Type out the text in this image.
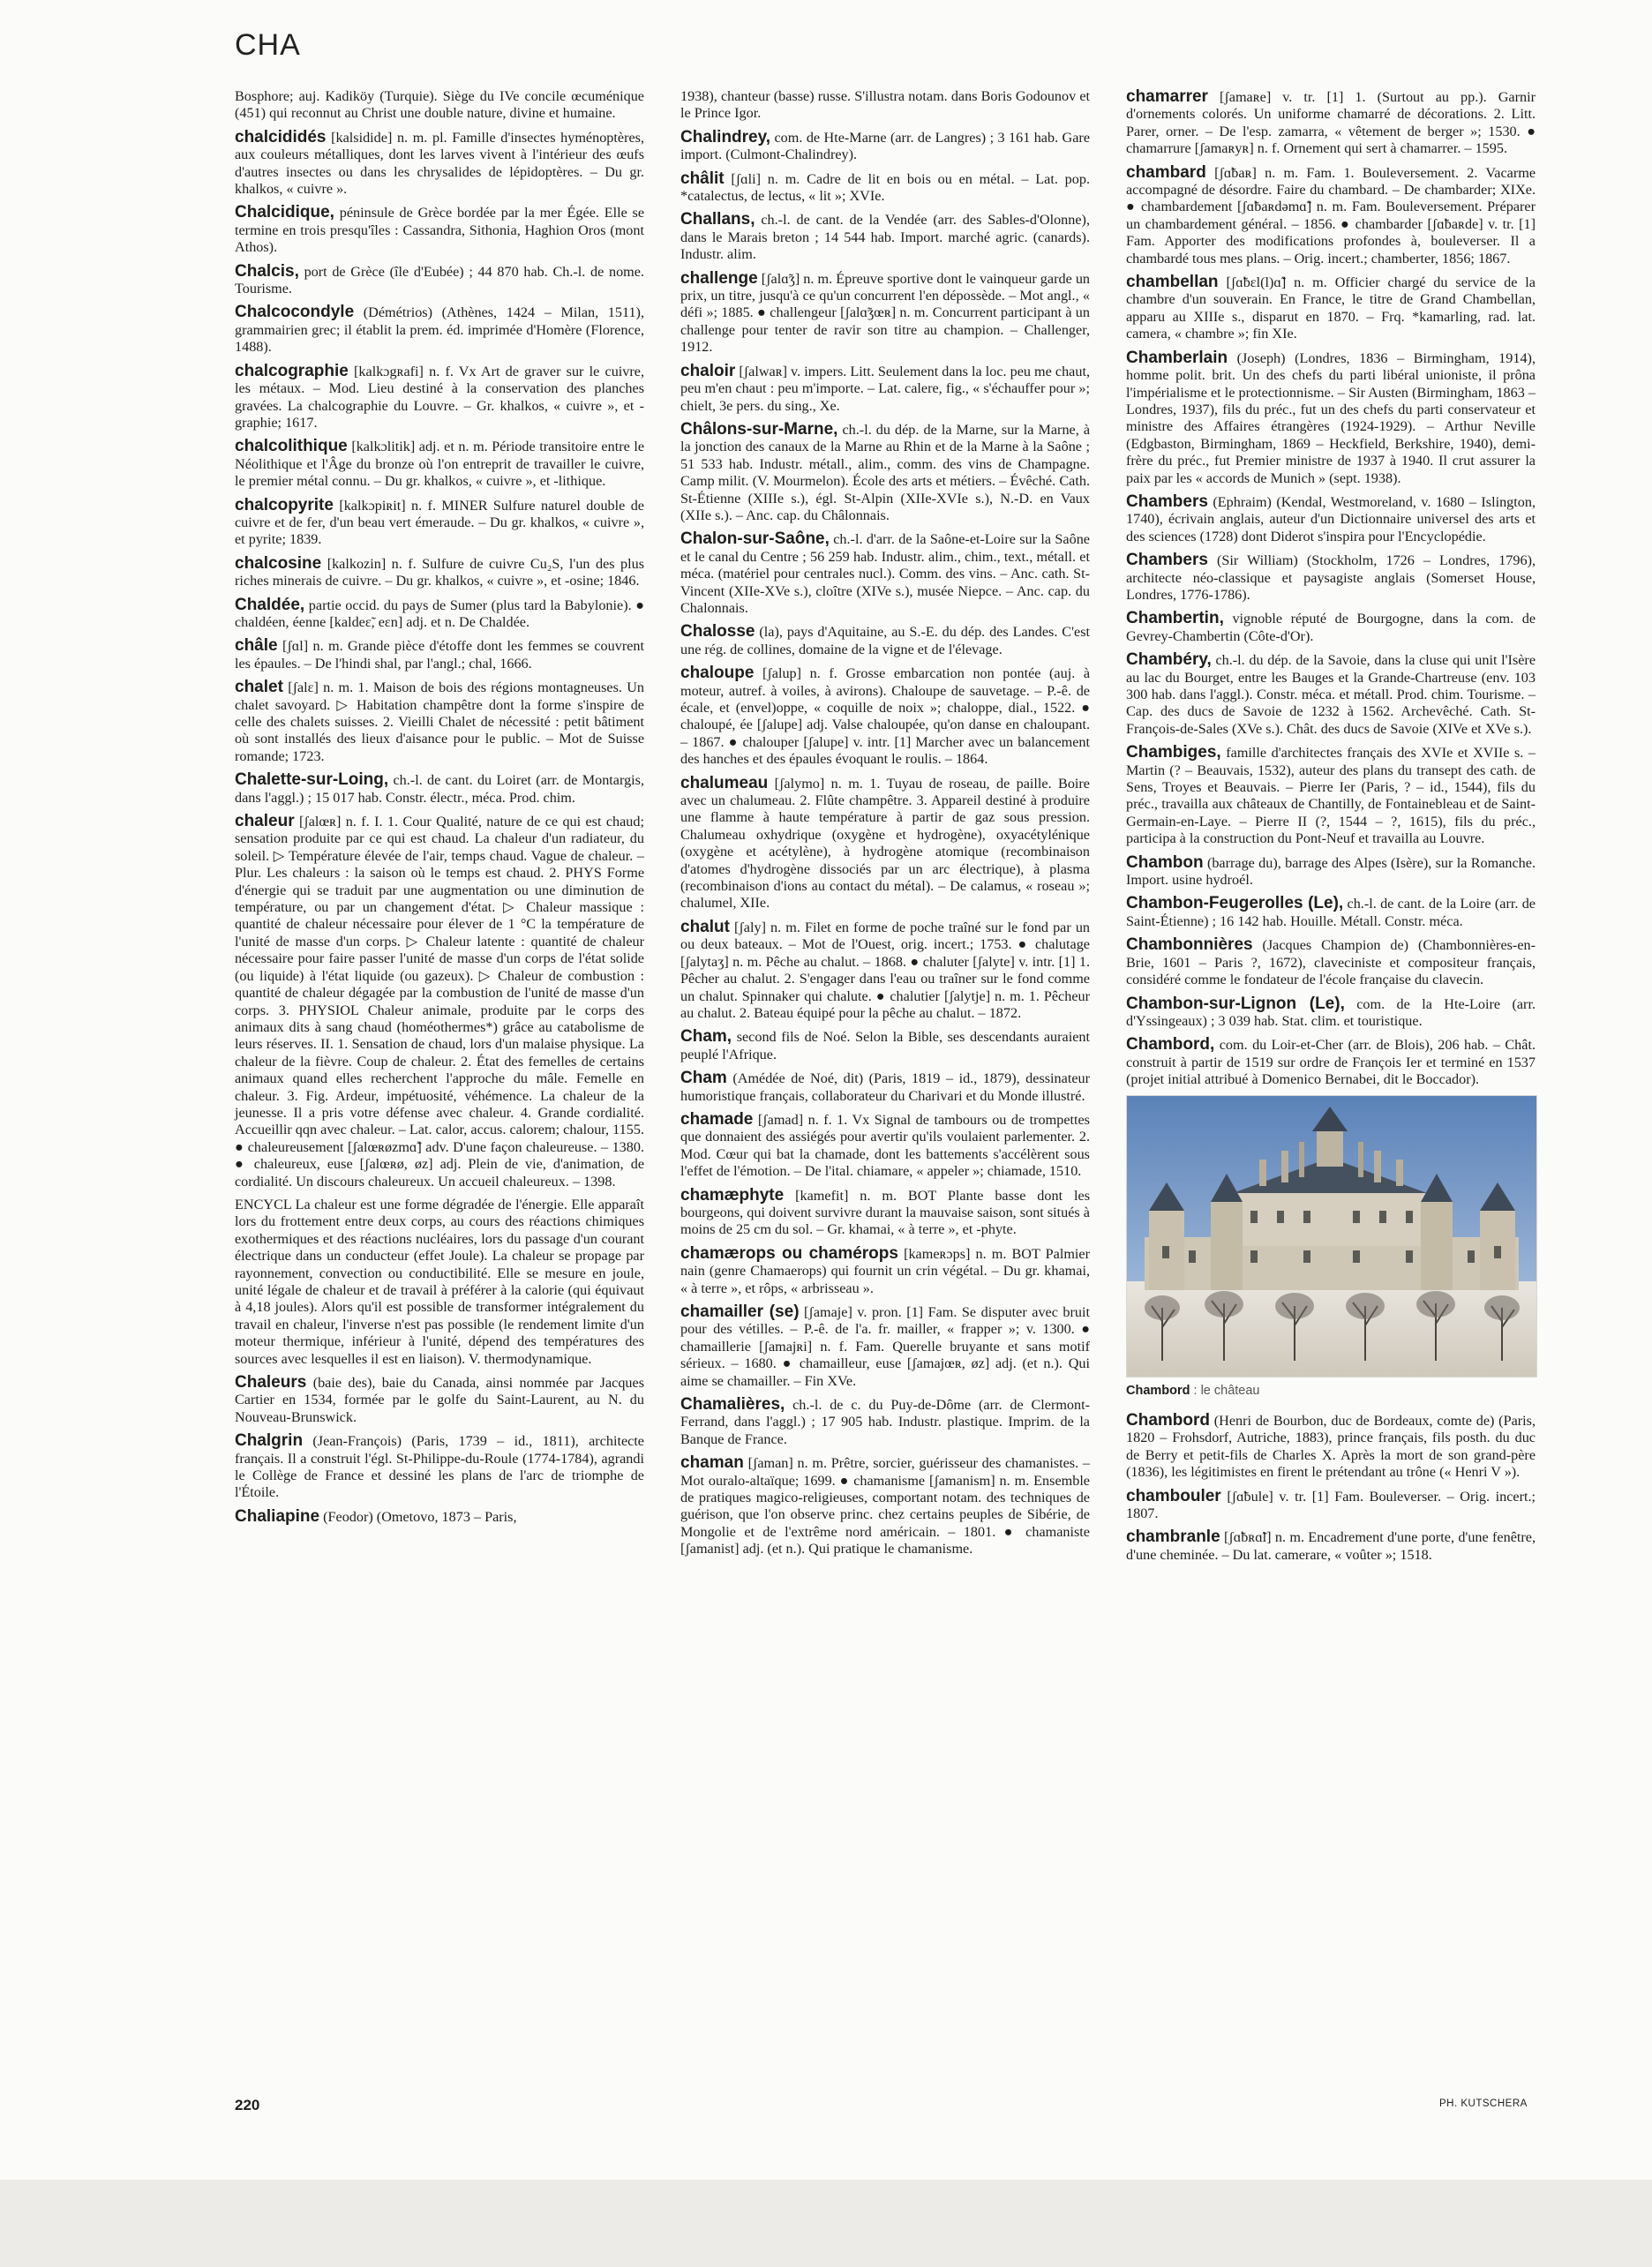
CHA

Bosphore; auj. Kadiköy (Turquie). Siège du IVe concile œcuménique (451) qui reconnut au Christ une double nature, divine et humaine.

chalcididés [kalsidide] n. m. pl. Famille d'insectes hyménoptères, aux couleurs métalliques, dont les larves vivent à l'intérieur des œufs d'autres insectes ou dans les chrysalides de lépidoptères. – Du gr. khalkos, « cuivre ».

Chalcidique, péninsule de Grèce bordée par la mer Égée. Elle se termine en trois presqu'îles : Cassandra, Sithonia, Haghion Oros (mont Athos).

Chalcis, port de Grèce (île d'Eubée) ; 44 870 hab. Ch.-l. de nome. Tourisme.

Chalcocondyle (Démétrios) (Athènes, 1424 – Milan, 1511), grammairien grec; il établit la prem. éd. imprimée d'Homère (Florence, 1488).

chalcographie [kalkɔgʀafi] n. f. Vx Art de graver sur le cuivre, les métaux. – Mod. Lieu destiné à la conservation des planches gravées. La chalcographie du Louvre. – Gr. khalkos, « cuivre », et -graphie; 1617.

chalcolithique [kalkɔlitik] adj. et n. m. Période transitoire entre le Néolithique et l'Âge du bronze où l'on entreprit de travailler le cuivre, le premier métal connu. – Du gr. khalkos, « cuivre », et -lithique.

chalcopyrite [kalkɔpiʀit] n. f. MINER Sulfure naturel double de cuivre et de fer, d'un beau vert émeraude. – Du gr. khalkos, « cuivre », et pyrite; 1839.

chalcosine [kalkozin] n. f. Sulfure de cuivre Cu₂S, l'un des plus riches minerais de cuivre. – Du gr. khalkos, « cuivre », et -osine; 1846.

Chaldée, partie occid. du pays de Sumer (plus tard la Babylonie). ● chaldéen, éenne [kaldeɛ̃, eɛn] adj. et n. De Chaldée.

châle [ʃɑl] n. m. Grande pièce d'étoffe dont les femmes se couvrent les épaules. – De l'hindi shal, par l'angl.; chal, 1666.

chalet [ʃalɛ] n. m. 1. Maison de bois des régions montagneuses. Un chalet savoyard. ▷ Habitation champêtre dont la forme s'inspire de celle des chalets suisses. 2. Vieilli Chalet de nécessité : petit bâtiment où sont installés des lieux d'aisance pour le public. – Mot de Suisse romande; 1723.

Chalette-sur-Loing, ch.-l. de cant. du Loiret (arr. de Montargis, dans l'aggl.) ; 15 017 hab. Constr. électr., méca. Prod. chim.

chaleur [ʃalœʀ] n. f. I. 1. Cour Qualité, nature de ce qui est chaud; sensation produite par ce qui est chaud. La chaleur d'un radiateur, du soleil. ▷ Température élevée de l'air, temps chaud. Vague de chaleur. – Plur. Les chaleurs : la saison où le temps est chaud. 2. PHYS Forme d'énergie qui se traduit par une augmentation ou une diminution de température, ou par un changement d'état. ▷ Chaleur massique : quantité de chaleur nécessaire pour élever de 1 °C la température de l'unité de masse d'un corps. ▷ Chaleur latente : quantité de chaleur nécessaire pour faire passer l'unité de masse d'un corps de l'état solide (ou liquide) à l'état liquide (ou gazeux). ▷ Chaleur de combustion : quantité de chaleur dégagée par la combustion de l'unité de masse d'un corps. 3. PHYSIOL Chaleur animale, produite par le corps des animaux dits à sang chaud (homéothermes*) grâce au catabolisme de leurs réserves. II. 1. Sensation de chaud, lors d'un malaise physique. La chaleur de la fièvre. Coup de chaleur. 2. État des femelles de certains animaux quand elles recherchent l'approche du mâle. Femelle en chaleur. 3. Fig. Ardeur, impétuosité, véhémence. La chaleur de la jeunesse. Il a pris votre défense avec chaleur. 4. Grande cordialité. Accueillir qqn avec chaleur. – Lat. calor, accus. calorem; chalour, 1155. ● chaleureusement [ʃalœʀøzmɑ̃] adv. D'une façon chaleureuse. – 1380. ● chaleureux, euse [ʃalœʀø, øz] adj. Plein de vie, d'animation, de cordialité. Un discours chaleureux. Un accueil chaleureux. – 1398.

ENCYCL La chaleur est une forme dégradée de l'énergie. Elle apparaît lors du frottement entre deux corps, au cours des réactions chimiques exothermiques et des réactions nucléaires, lors du passage d'un courant électrique dans un conducteur (effet Joule). La chaleur se propage par rayonnement, convection ou conductibilité. Elle se mesure en joule, unité légale de chaleur et de travail à préférer à la calorie (qui équivaut à 4,18 joules). Alors qu'il est possible de transformer intégralement du travail en chaleur, l'inverse n'est pas possible (le rendement limite d'un moteur thermique, inférieur à l'unité, dépend des températures des sources avec lesquelles il est en liaison). V. thermodynamique.

Chaleurs (baie des), baie du Canada, ainsi nommée par Jacques Cartier en 1534, formée par le golfe du Saint-Laurent, au N. du Nouveau-Brunswick.

Chalgrin (Jean-François) (Paris, 1739 – id., 1811), architecte français. Il a construit l'égl. St-Philippe-du-Roule (1774-1784), agrandi le Collège de France et dessiné les plans de l'arc de triomphe de l'Étoile.

Chaliapine (Feodor) (Ometovo, 1873 – Paris,

1938), chanteur (basse) russe. S'illustra notam. dans Boris Godounov et le Prince Igor.

Chalindrey, com. de Hte-Marne (arr. de Langres) ; 3 161 hab. Gare import. (Culmont-Chalindrey).

châlit [ʃɑli] n. m. Cadre de lit en bois ou en métal. – Lat. pop. *catalectus, de lectus, « lit »; XVIe.

Challans, ch.-l. de cant. de la Vendée (arr. des Sables-d'Olonne), dans le Marais breton ; 14 544 hab. Import. marché agric. (canards). Industr. alim.

challenge [ʃalɑ̃ʒ] n. m. Épreuve sportive dont le vainqueur garde un prix, un titre, jusqu'à ce qu'un concurrent l'en dépossède. – Mot angl., « défi »; 1885. ● challengeur [ʃalɑ̃ʒœʀ] n. m. Concurrent participant à un challenge pour tenter de ravir son titre au champion. – Challenger, 1912.

chaloir [ʃalwaʀ] v. impers. Litt. Seulement dans la loc. peu me chaut, peu m'en chaut : peu m'importe. – Lat. calere, fig., « s'échauffer pour »; chielt, 3e pers. du sing., Xe.

Châlons-sur-Marne, ch.-l. du dép. de la Marne, sur la Marne, à la jonction des canaux de la Marne au Rhin et de la Marne à la Saône ; 51 533 hab. Industr. métall., alim., comm. des vins de Champagne. Camp milit. (V. Mourmelon). École des arts et métiers. – Évêché. Cath. St-Étienne (XIIIe s.), égl. St-Alpin (XIIe-XVIe s.), N.-D. en Vaux (XIIe s.). – Anc. cap. du Châlonnais.

Chalon-sur-Saône, ch.-l. d'arr. de la Saône-et-Loire sur la Saône et le canal du Centre ; 56 259 hab. Industr. alim., chim., text., métall. et méca. (matériel pour centrales nucl.). Comm. des vins. – Anc. cath. St-Vincent (XIIe-XVe s.), cloître (XIVe s.), musée Niepce. – Anc. cap. du Chalonnais.

Chalosse (la), pays d'Aquitaine, au S.-E. du dép. des Landes. C'est une rég. de collines, domaine de la vigne et de l'élevage.

chaloupe [ʃalup] n. f. Grosse embarcation non pontée (auj. à moteur, autref. à voiles, à avirons). Chaloupe de sauvetage. – P.-ê. de écale, et (envel)oppe, « coquille de noix »; chaloppe, dial., 1522. ● chaloupé, ée [ʃalupe] adj. Valse chaloupée, qu'on danse en chaloupant. – 1867. ● chalouper [ʃalupe] v. intr. [1] Marcher avec un balancement des hanches et des épaules évoquant le roulis. – 1864.

chalumeau [ʃalymo] n. m. 1. Tuyau de roseau, de paille. Boire avec un chalumeau. 2. Flûte champêtre. 3. Appareil destiné à produire une flamme à haute température à partir de gaz sous pression. Chalumeau oxhydrique (oxygène et hydrogène), oxyacétylénique (oxygène et acétylène), à hydrogène atomique (recombinaison d'atomes d'hydrogène dissociés par un arc électrique), à plasma (recombinaison d'ions au contact du métal). – De calamus, « roseau »; chalumel, XIIe.

chalut [ʃaly] n. m. Filet en forme de poche traîné sur le fond par un ou deux bateaux. – Mot de l'Ouest, orig. incert.; 1753. ● chalutage [ʃalytaʒ] n. m. Pêche au chalut. – 1868. ● chaluter [ʃalyte] v. intr. [1] 1. Pêcher au chalut. 2. S'engager dans l'eau ou traîner sur le fond comme un chalut. Spinnaker qui chalute. ● chalutier [ʃalytje] n. m. 1. Pêcheur au chalut. 2. Bateau équipé pour la pêche au chalut. – 1872.

Cham, second fils de Noé. Selon la Bible, ses descendants auraient peuplé l'Afrique.

Cham (Amédée de Noé, dit) (Paris, 1819 – id., 1879), dessinateur humoristique français, collaborateur du Charivari et du Monde illustré.

chamade [ʃamad] n. f. 1. Vx Signal de tambours ou de trompettes que donnaient des assiégés pour avertir qu'ils voulaient parlementer. 2. Mod. Cœur qui bat la chamade, dont les battements s'accélèrent sous l'effet de l'émotion. – De l'ital. chiamare, « appeler »; chiamade, 1510.

chamæphyte [kamefit] n. m. BOT Plante basse dont les bourgeons, qui doivent survivre durant la mauvaise saison, sont situés à moins de 25 cm du sol. – Gr. khamai, « à terre », et -phyte.

chamærops ou chamérops [kameʀɔps] n. m. BOT Palmier nain (genre Chamaerops) qui fournit un crin végétal. – Du gr. khamai, « à terre », et rôps, « arbrisseau ».

chamailler (se) [ʃamaje] v. pron. [1] Fam. Se disputer avec bruit pour des vétilles. – P.-ê. de l'a. fr. mailler, « frapper »; v. 1300. ● chamaillerie [ʃamajʀi] n. f. Fam. Querelle bruyante et sans motif sérieux. – 1680. ● chamailleur, euse [ʃamajœʀ, øz] adj. (et n.). Qui aime se chamailler. – Fin XVe.

Chamalières, ch.-l. de c. du Puy-de-Dôme (arr. de Clermont-Ferrand, dans l'aggl.) ; 17 905 hab. Industr. plastique. Imprim. de la Banque de France.

chaman [ʃaman] n. m. Prêtre, sorcier, guérisseur des chamanistes. – Mot ouralo-altaïque; 1699. ● chamanisme [ʃamanism] n. m. Ensemble de pratiques magico-religieuses, comportant notam. des techniques de guérison, que l'on observe princ. chez certains peuples de Sibérie, de Mongolie et de l'extrême nord américain. – 1801. ● chamaniste [ʃamanist] adj. (et n.). Qui pratique le chamanisme.

chamarrer [ʃamaʀe] v. tr. [1] 1. (Surtout au pp.). Garnir d'ornements colorés. Un uniforme chamarré de décorations. 2. Litt. Parer, orner. – De l'esp. zamarra, « vêtement de berger »; 1530. ● chamarrure [ʃamaʀyʀ] n. f. Ornement qui sert à chamarrer. – 1595.

chambard [ʃɑ̃baʀ] n. m. Fam. 1. Bouleversement. 2. Vacarme accompagné de désordre. Faire du chambard. – De chambarder; XIXe. ● chambardement [ʃɑ̃baʀdəmɑ̃] n. m. Fam. Bouleversement. Préparer un chambardement général. – 1856. ● chambarder [ʃɑ̃baʀde] v. tr. [1] Fam. Apporter des modifications profondes à, bouleverser. Il a chambardé tous mes plans. – Orig. incert.; chamberter, 1856; 1867.

chambellan [ʃɑ̃bɛl(l)ɑ̃] n. m. Officier chargé du service de la chambre d'un souverain. En France, le titre de Grand Chambellan, apparu au XIIIe s., disparut en 1870. – Frq. *kamarling, rad. lat. camera, « chambre »; fin XIe.

Chamberlain (Joseph) (Londres, 1836 – Birmingham, 1914), homme polit. brit. Un des chefs du parti libéral unioniste, il prôna l'impérialisme et le protectionnisme. – Sir Austen (Birmingham, 1863 – Londres, 1937), fils du préc., fut un des chefs du parti conservateur et ministre des Affaires étrangères (1924-1929). – Arthur Neville (Edgbaston, Birmingham, 1869 – Heckfield, Berkshire, 1940), demi-frère du préc., fut Premier ministre de 1937 à 1940. Il crut assurer la paix par les « accords de Munich » (sept. 1938).

Chambers (Ephraim) (Kendal, Westmoreland, v. 1680 – Islington, 1740), écrivain anglais, auteur d'un Dictionnaire universel des arts et des sciences (1728) dont Diderot s'inspira pour l'Encyclopédie.

Chambers (Sir William) (Stockholm, 1726 – Londres, 1796), architecte néo-classique et paysagiste anglais (Somerset House, Londres, 1776-1786).

Chambertin, vignoble réputé de Bourgogne, dans la com. de Gevrey-Chambertin (Côte-d'Or).

Chambéry, ch.-l. du dép. de la Savoie, dans la cluse qui unit l'Isère au lac du Bourget, entre les Bauges et la Grande-Chartreuse (env. 103 300 hab. dans l'aggl.). Constr. méca. et métall. Prod. chim. Tourisme. – Cap. des ducs de Savoie de 1232 à 1562. Archevêché. Cath. St-François-de-Sales (XVe s.). Chât. des ducs de Savoie (XIVe et XVe s.).

Chambiges, famille d'architectes français des XVIe et XVIIe s. – Martin (? – Beauvais, 1532), auteur des plans du transept des cath. de Sens, Troyes et Beauvais. – Pierre Ier (Paris, ? – id., 1544), fils du préc., travailla aux châteaux de Chantilly, de Fontainebleau et de Saint-Germain-en-Laye. – Pierre II (?, 1544 – ?, 1615), fils du préc., participa à la construction du Pont-Neuf et travailla au Louvre.

Chambon (barrage du), barrage des Alpes (Isère), sur la Romanche. Import. usine hydroél.

Chambon-Feugerolles (Le), ch.-l. de cant. de la Loire (arr. de Saint-Étienne) ; 16 142 hab. Houille. Métall. Constr. méca.

Chambonnières (Jacques Champion de) (Chambonnières-en-Brie, 1601 – Paris ?, 1672), claveciniste et compositeur français, considéré comme le fondateur de l'école française du clavecin.

Chambon-sur-Lignon (Le), com. de la Hte-Loire (arr. d'Yssingeaux) ; 3 039 hab. Stat. clim. et touristique.

Chambord, com. du Loir-et-Cher (arr. de Blois), 206 hab. – Chât. construit à partir de 1519 sur ordre de François Ier et terminé en 1537 (projet initial attribué à Domenico Bernabei, dit le Boccador).

Chambord : le château

Chambord (Henri de Bourbon, duc de Bordeaux, comte de) (Paris, 1820 – Frohsdorf, Autriche, 1883), prince français, fils posth. du duc de Berry et petit-fils de Charles X. Après la mort de son grand-père (1836), les légitimistes en firent le prétendant au trône (« Henri V »).

chambouler [ʃɑ̃bule] v. tr. [1] Fam. Bouleverser. – Orig. incert.; 1807.

chambranle [ʃɑ̃bʀɑ̃l] n. m. Encadrement d'une porte, d'une fenêtre, d'une cheminée. – Du lat. camerare, « voûter »; 1518.

220	PH. KUTSCHERA
